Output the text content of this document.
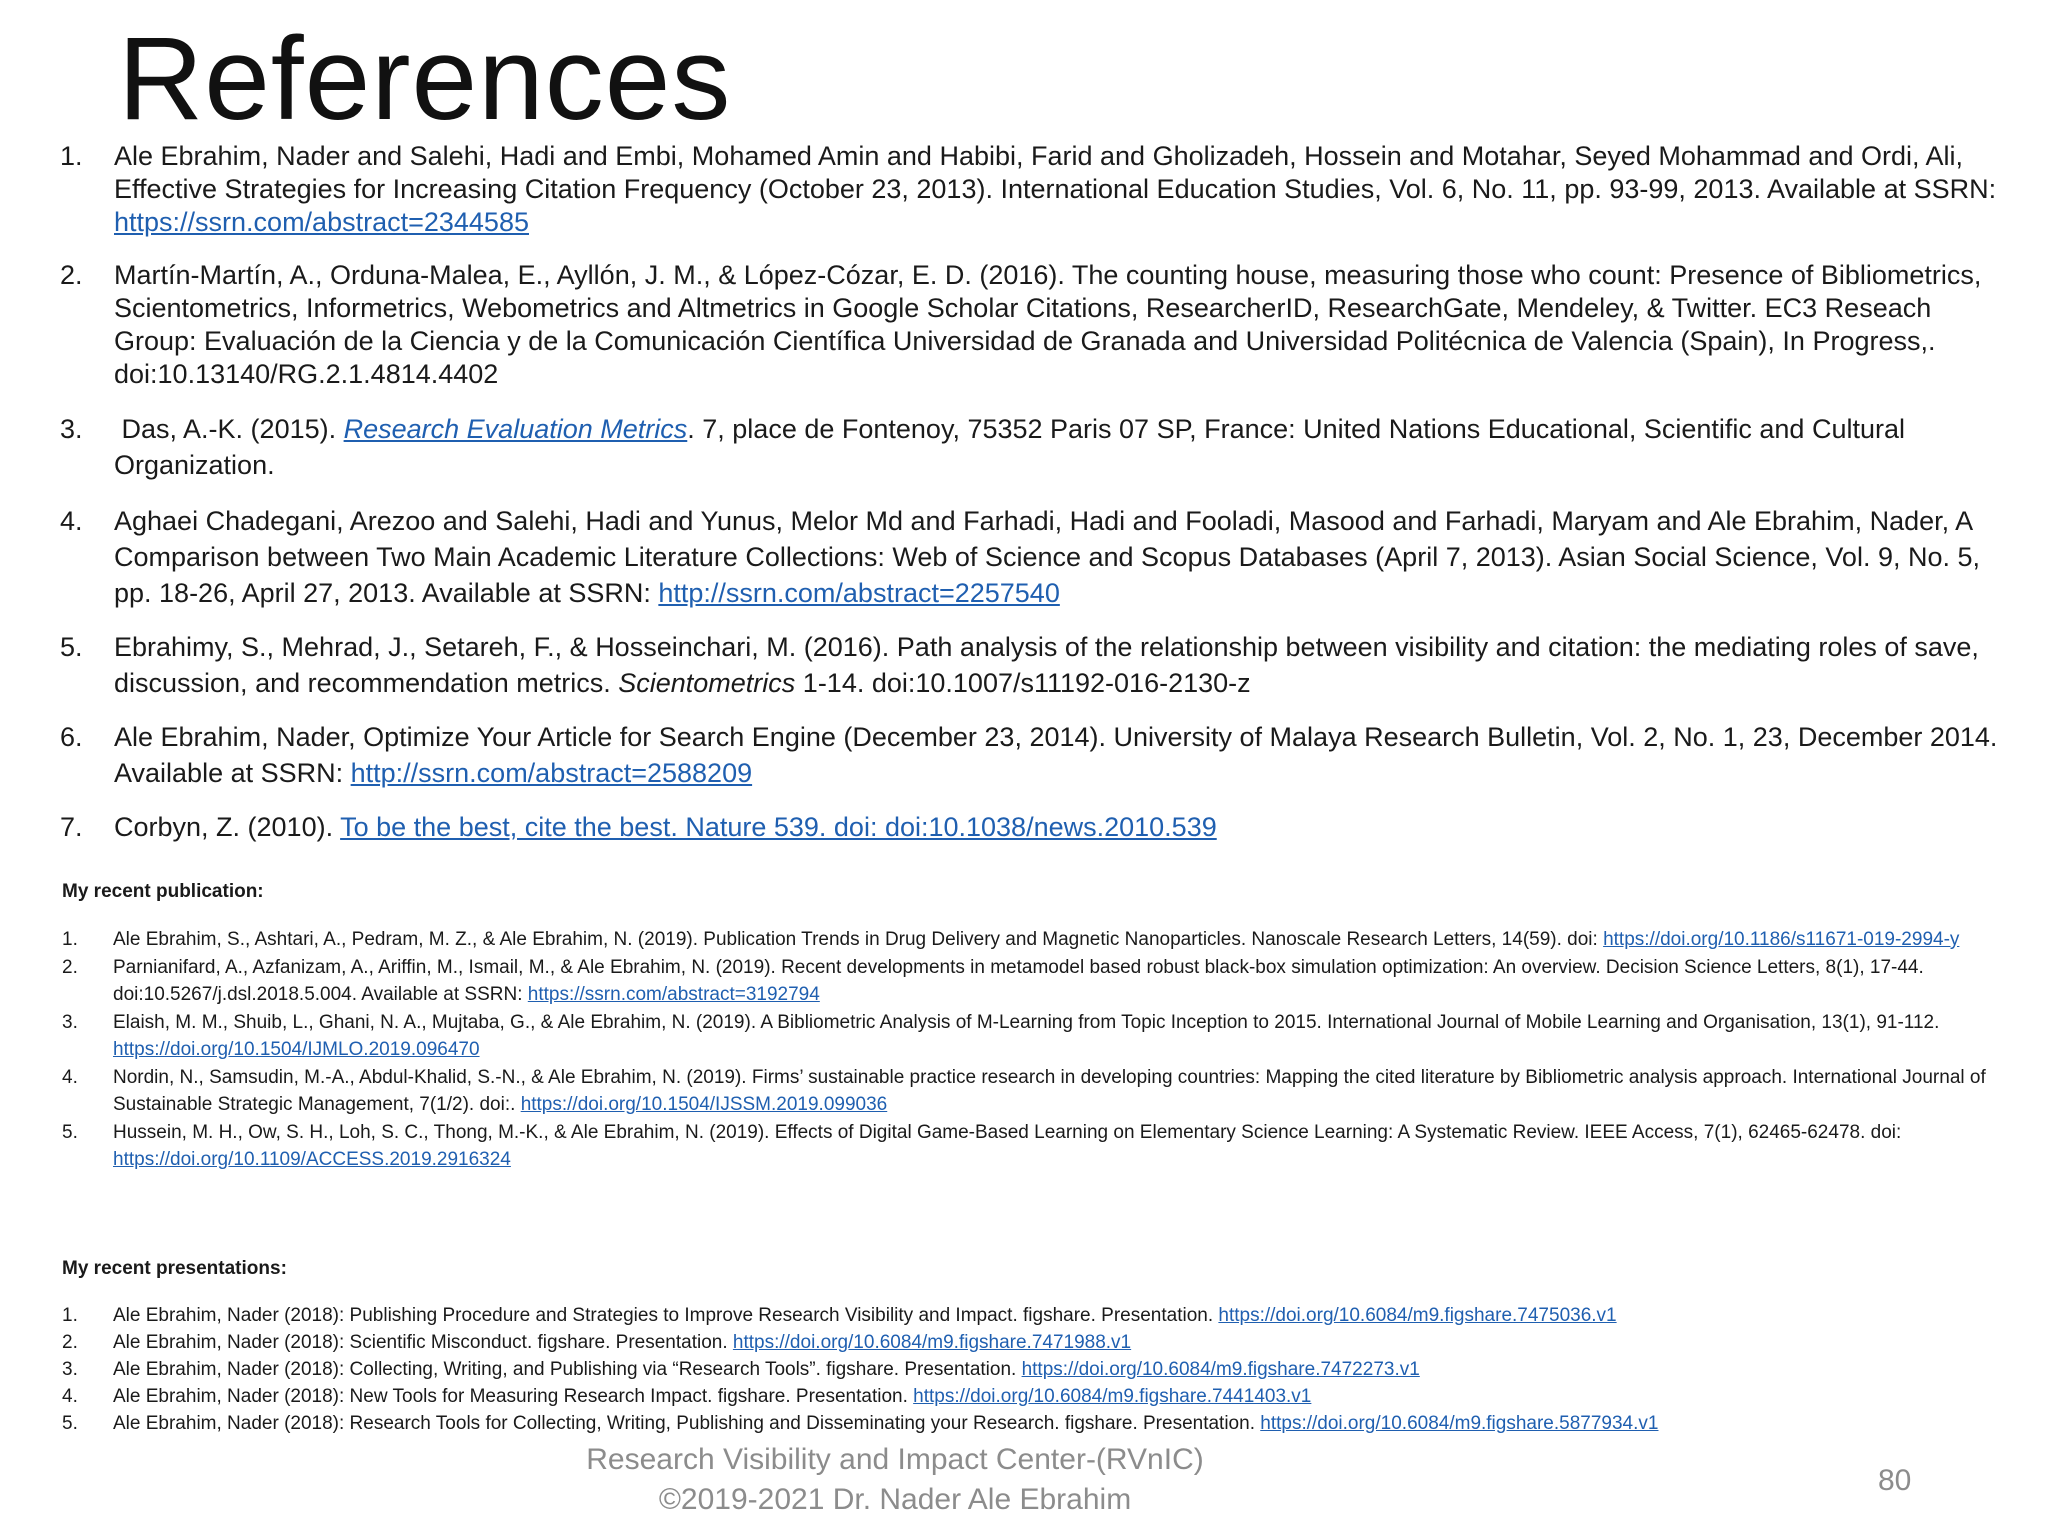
References
1.	Ale Ebrahim, Nader and Salehi, Hadi and Embi, Mohamed Amin and Habibi, Farid and Gholizadeh, Hossein and Motahar, Seyed Mohammad and Ordi, Ali, Effective Strategies for Increasing Citation Frequency (October 23, 2013). International Education Studies, Vol. 6, No. 11, pp. 93-99, 2013. Available at SSRN: https://ssrn.com/abstract=2344585
2.	Martín-Martín, A., Orduna-Malea, E., Ayllón, J. M., & López-Cózar, E. D. (2016). The counting house, measuring those who count: Presence of Bibliometrics, Scientometrics, Informetrics, Webometrics and Altmetrics in Google Scholar Citations, ResearcherID, ResearchGate, Mendeley, & Twitter. EC3 Reseach Group: Evaluación de la Ciencia y de la Comunicación Científica Universidad de Granada and Universidad Politécnica de Valencia (Spain), In Progress,. doi:10.13140/RG.2.1.4814.4402
3.	Das, A.-K. (2015). Research Evaluation Metrics. 7, place de Fontenoy, 75352 Paris 07 SP, France: United Nations Educational, Scientific and Cultural Organization.
4.	Aghaei Chadegani, Arezoo and Salehi, Hadi and Yunus, Melor Md and Farhadi, Hadi and Fooladi, Masood and Farhadi, Maryam and Ale Ebrahim, Nader, A Comparison between Two Main Academic Literature Collections: Web of Science and Scopus Databases (April 7, 2013). Asian Social Science, Vol. 9, No. 5, pp. 18-26, April 27, 2013. Available at SSRN: http://ssrn.com/abstract=2257540
5.	Ebrahimy, S., Mehrad, J., Setareh, F., & Hosseinchari, M. (2016). Path analysis of the relationship between visibility and citation: the mediating roles of save, discussion, and recommendation metrics. Scientometrics 1-14. doi:10.1007/s11192-016-2130-z
6.	Ale Ebrahim, Nader, Optimize Your Article for Search Engine (December 23, 2014). University of Malaya Research Bulletin, Vol. 2, No. 1, 23, December 2014. Available at SSRN: http://ssrn.com/abstract=2588209
7.	Corbyn, Z. (2010). To be the best, cite the best. Nature 539. doi: doi:10.1038/news.2010.539
My recent publication:
1.	Ale Ebrahim, S., Ashtari, A., Pedram, M. Z., & Ale Ebrahim, N. (2019). Publication Trends in Drug Delivery and Magnetic Nanoparticles. Nanoscale Research Letters, 14(59). doi: https://doi.org/10.1186/s11671-019-2994-y
2.	Parnianifard, A., Azfanizam, A., Ariffin, M., Ismail, M., & Ale Ebrahim, N. (2019). Recent developments in metamodel based robust black-box simulation optimization: An overview. Decision Science Letters, 8(1), 17-44. doi:10.5267/j.dsl.2018.5.004. Available at SSRN: https://ssrn.com/abstract=3192794
3.	Elaish, M. M., Shuib, L., Ghani, N. A., Mujtaba, G., & Ale Ebrahim, N. (2019). A Bibliometric Analysis of M-Learning from Topic Inception to 2015. International Journal of Mobile Learning and Organisation, 13(1), 91-112. https://doi.org/10.1504/IJMLO.2019.096470
4.	Nordin, N., Samsudin, M.-A., Abdul-Khalid, S.-N., & Ale Ebrahim, N. (2019). Firms’ sustainable practice research in developing countries: Mapping the cited literature by Bibliometric analysis approach. International Journal of Sustainable Strategic Management, 7(1/2). doi:. https://doi.org/10.1504/IJSSM.2019.099036
5.	Hussein, M. H., Ow, S. H., Loh, S. C., Thong, M.-K., & Ale Ebrahim, N. (2019). Effects of Digital Game-Based Learning on Elementary Science Learning: A Systematic Review. IEEE Access, 7(1), 62465-62478. doi: https://doi.org/10.1109/ACCESS.2019.2916324
My recent presentations:
1.	Ale Ebrahim, Nader (2018): Publishing Procedure and Strategies to Improve Research Visibility and Impact. figshare. Presentation. https://doi.org/10.6084/m9.figshare.7475036.v1
2.	Ale Ebrahim, Nader (2018): Scientific Misconduct. figshare. Presentation. https://doi.org/10.6084/m9.figshare.7471988.v1
3.	Ale Ebrahim, Nader (2018): Collecting, Writing, and Publishing via “Research Tools”. figshare. Presentation. https://doi.org/10.6084/m9.figshare.7472273.v1
4.	Ale Ebrahim, Nader (2018): New Tools for Measuring Research Impact. figshare. Presentation. https://doi.org/10.6084/m9.figshare.7441403.v1
5.	Ale Ebrahim, Nader (2018): Research Tools for Collecting, Writing, Publishing and Disseminating your Research. figshare. Presentation. https://doi.org/10.6084/m9.figshare.5877934.v1
Research Visibility and Impact Center-(RVnIC)
©2019-2021 Dr. Nader Ale Ebrahim
80
